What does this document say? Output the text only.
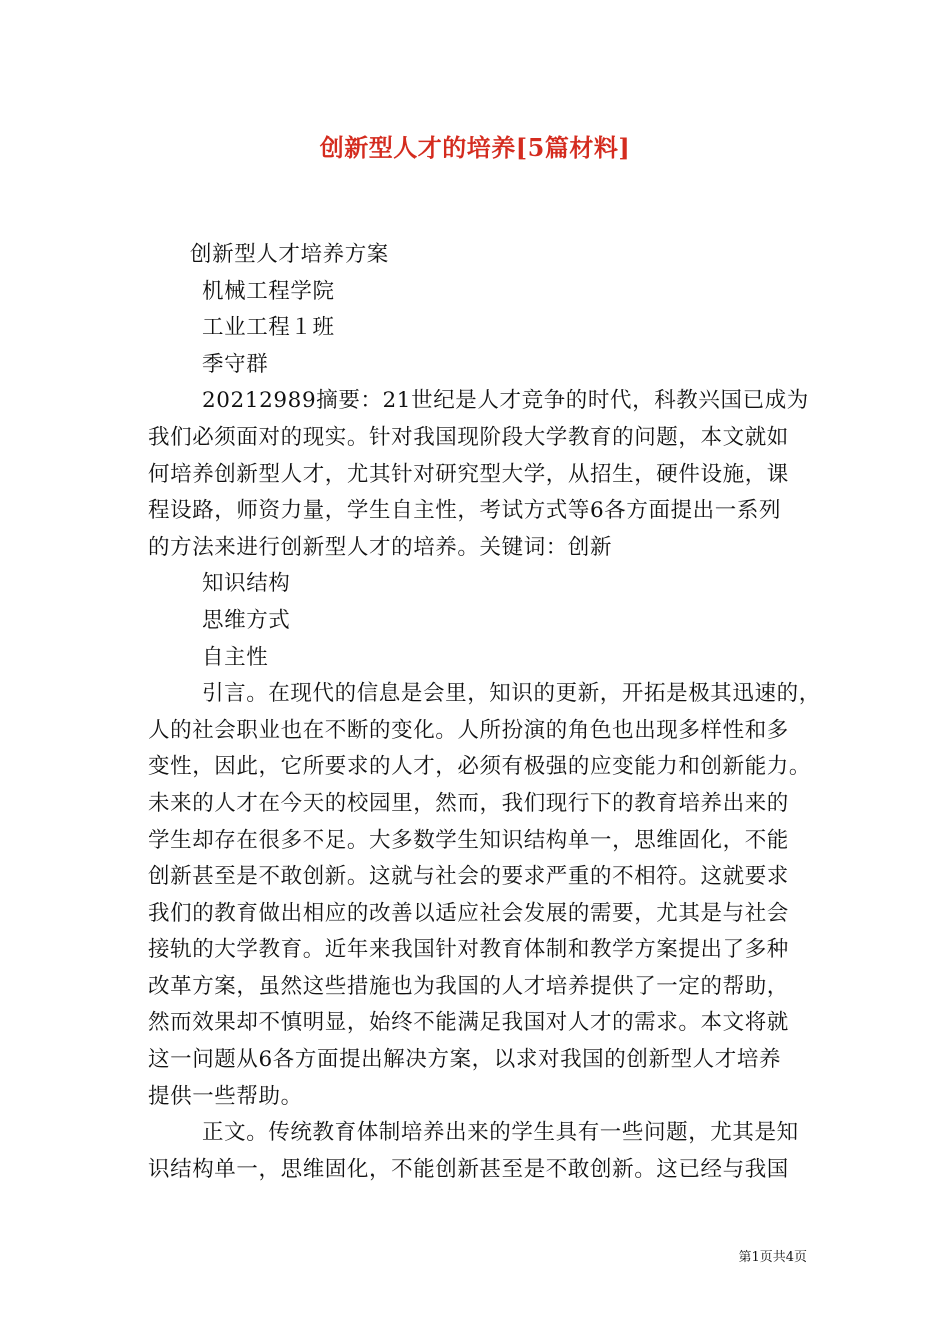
创新型人才的培养[5篇材料]
创新型人才培养方案
机械工程学院
工业工程１班
季守群
20212989摘要：21世纪是人才竞争的时代，科教兴国已成为
我们必须面对的现实。针对我国现阶段大学教育的问题，本文就如
何培养创新型人才，尤其针对研究型大学，从招生，硬件设施，课
程设路，师资力量，学生自主性，考试方式等6各方面提出一系列
的方法来进行创新型人才的培养。关键词：创新
知识结构
思维方式
自主性
引言。在现代的信息是会里，知识的更新，开拓是极其迅速的，
人的社会职业也在不断的变化。人所扮演的角色也出现多样性和多
变性，因此，它所要求的人才，必须有极强的应变能力和创新能力。
未来的人才在今天的校园里，然而，我们现行下的教育培养出来的
学生却存在很多不足。大多数学生知识结构单一，思维固化，不能
创新甚至是不敢创新。这就与社会的要求严重的不相符。这就要求
我们的教育做出相应的改善以适应社会发展的需要，尤其是与社会
接轨的大学教育。近年来我国针对教育体制和教学方案提出了多种
改革方案，虽然这些措施也为我国的人才培养提供了一定的帮助，
然而效果却不慎明显，始终不能满足我国对人才的需求。本文将就
这一问题从6各方面提出解决方案，以求对我国的创新型人才培养
提供一些帮助。
正文。传统教育体制培养出来的学生具有一些问题，尤其是知
识结构单一，思维固化，不能创新甚至是不敢创新。这已经与我国
第1页共4页
